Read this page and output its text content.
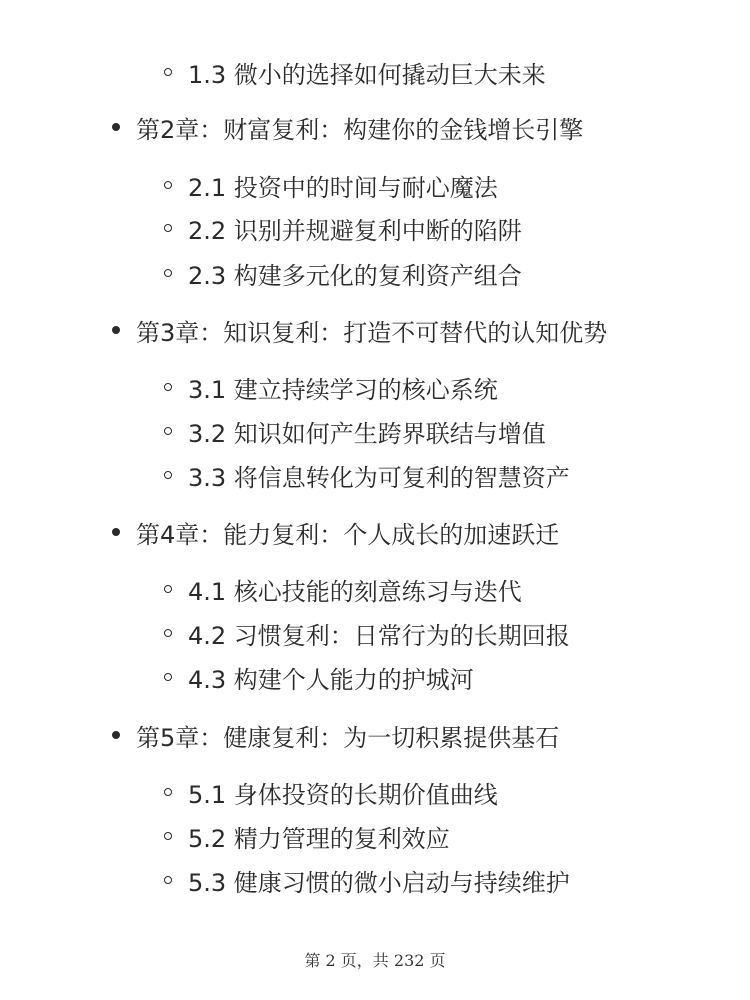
1.3 微小的选择如何撬动巨大未来
第2章：财富复利：构建你的金钱增长引擎
2.1 投资中的时间与耐心魔法
2.2 识别并规避复利中断的陷阱
2.3 构建多元化的复利资产组合
第3章：知识复利：打造不可替代的认知优势
3.1 建立持续学习的核心系统
3.2 知识如何产生跨界联结与增值
3.3 将信息转化为可复利的智慧资产
第4章：能力复利：个人成长的加速跃迁
4.1 核心技能的刻意练习与迭代
4.2 习惯复利：日常行为的长期回报
4.3 构建个人能力的护城河
第5章：健康复利：为一切积累提供基石
5.1 身体投资的长期价值曲线
5.2 精力管理的复利效应
5.3 健康习惯的微小启动与持续维护
第 2 页，共 232 页
